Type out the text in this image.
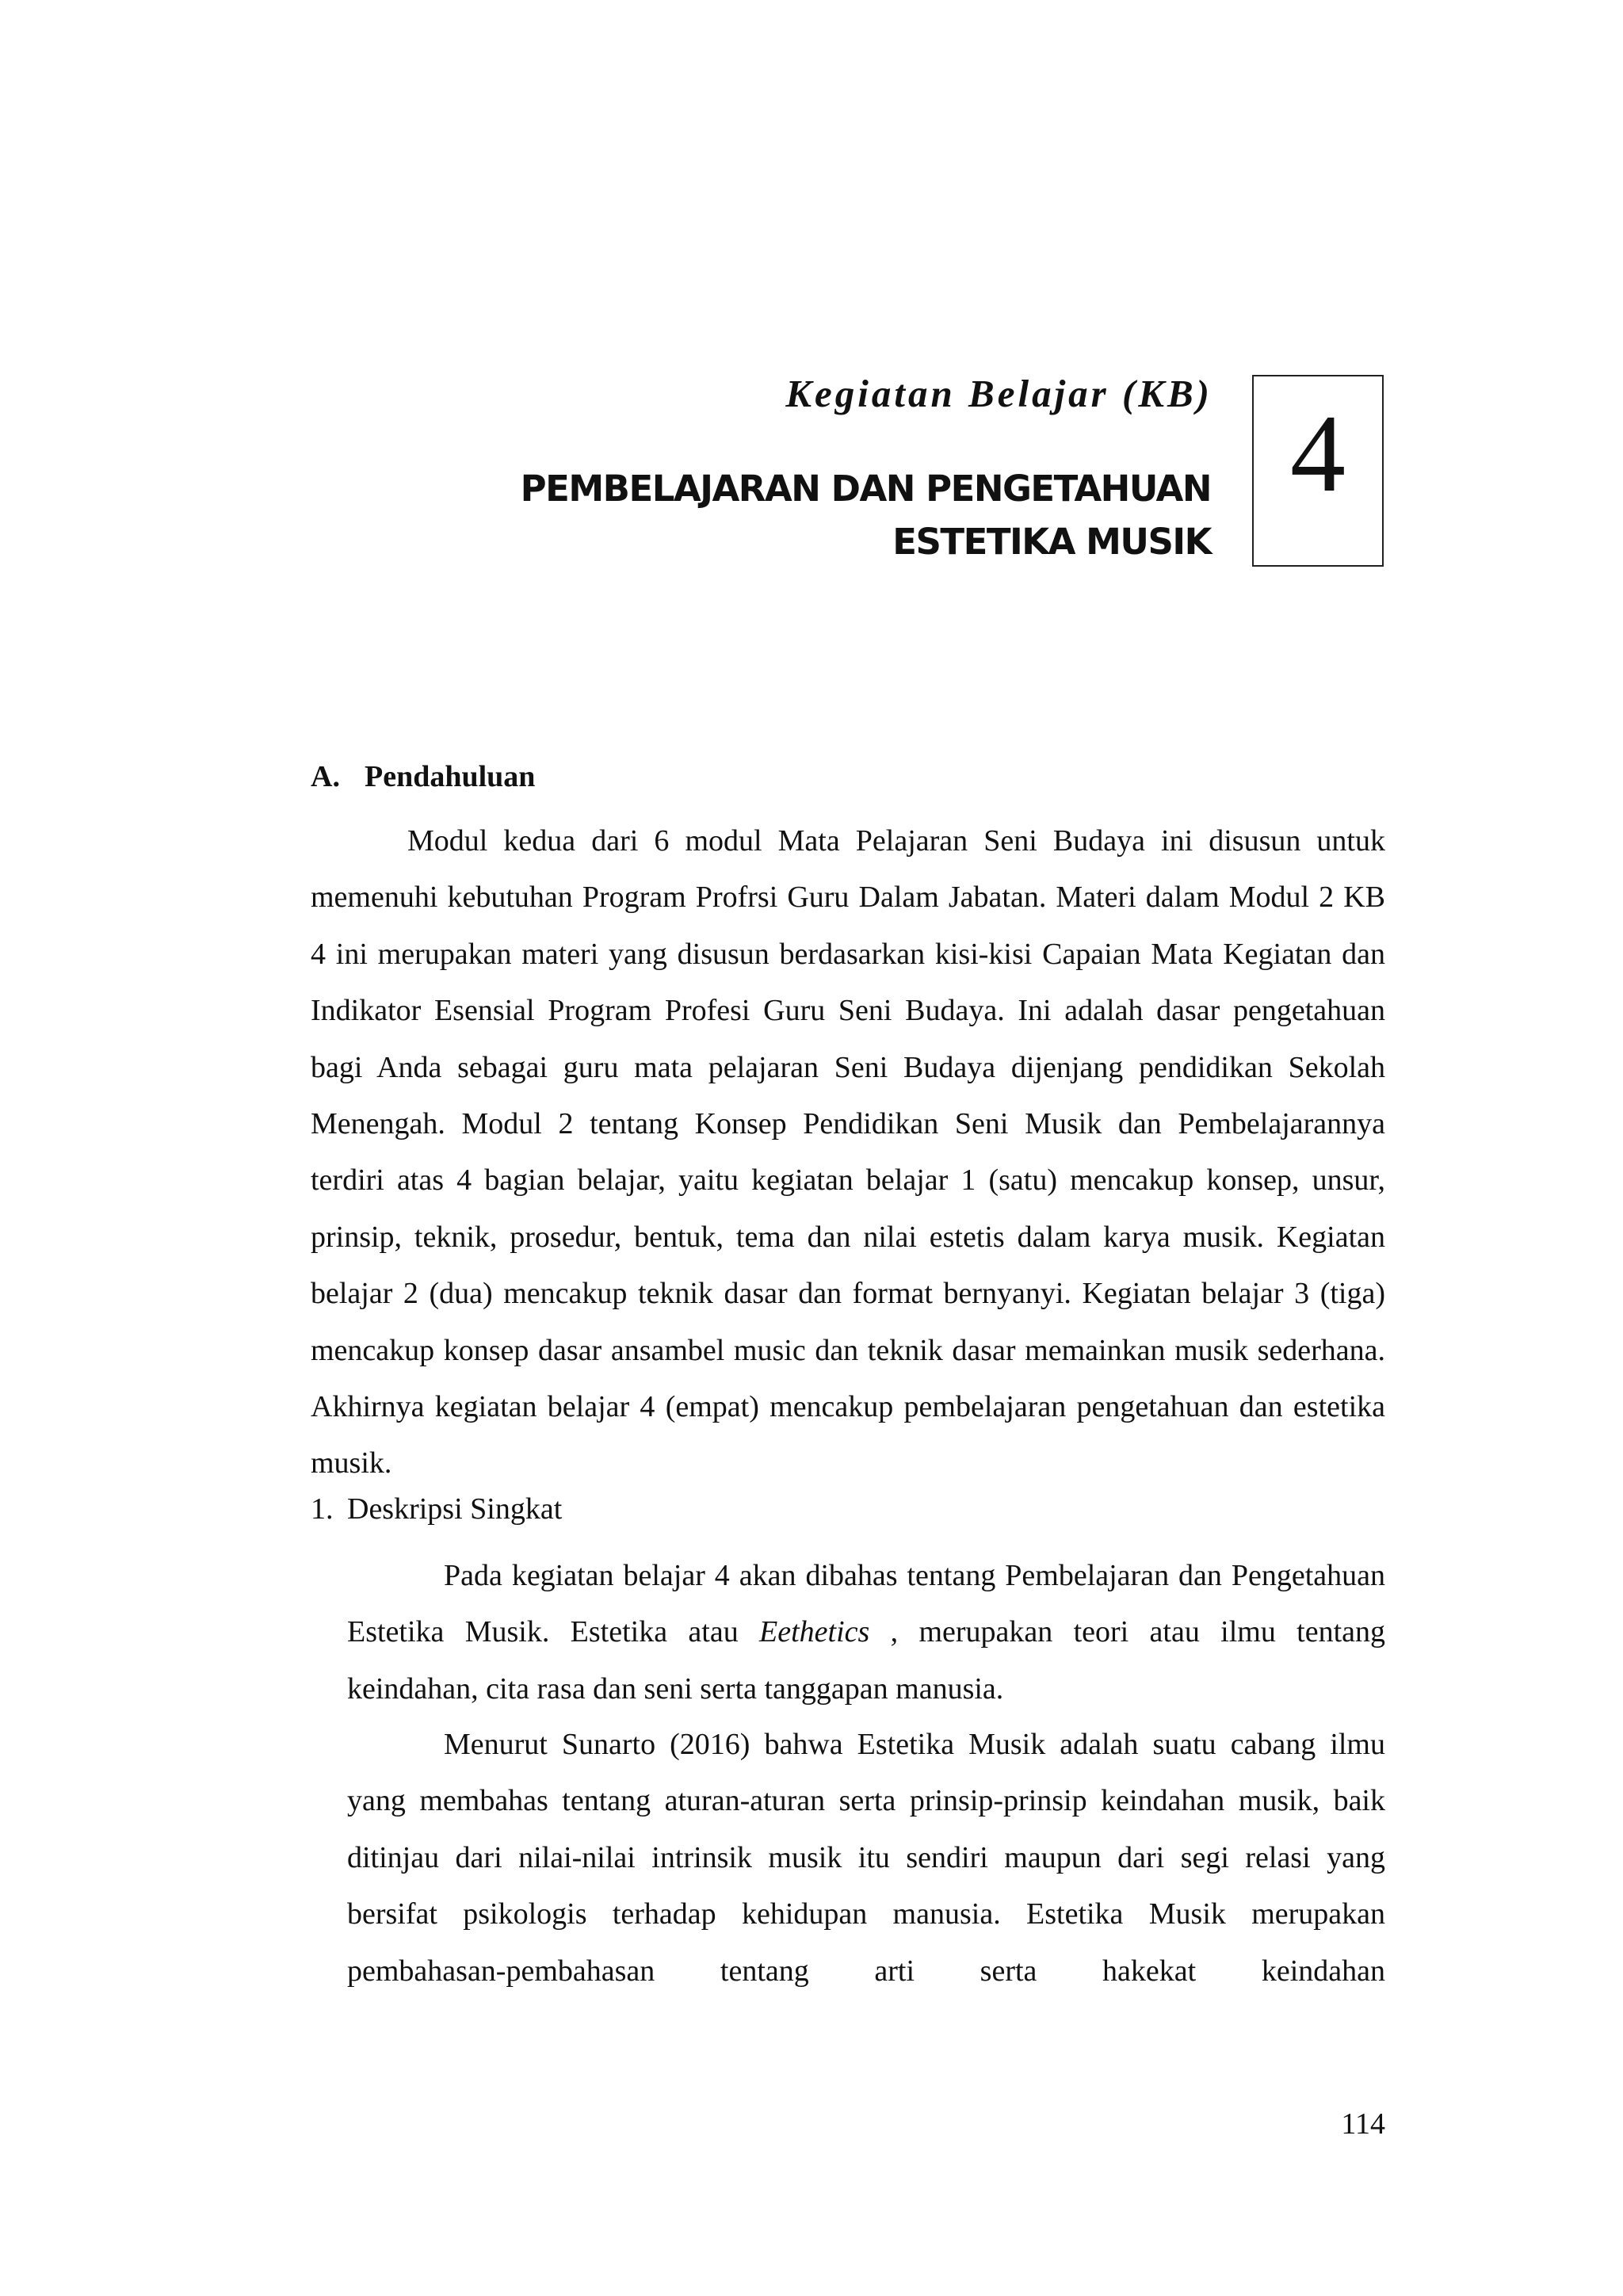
Kegiatan Belajar (KB)
PEMBELAJARAN DAN PENGETAHUAN
ESTETIKA MUSIK
4
A. Pendahuluan

Modul kedua dari 6 modul Mata Pelajaran Seni Budaya ini disusun untuk memenuhi kebutuhan Program Profrsi Guru Dalam Jabatan. Materi dalam Modul 2 KB 4 ini merupakan materi yang disusun berdasarkan kisi-kisi Capaian Mata Kegiatan dan Indikator Esensial Program Profesi Guru Seni Budaya. Ini adalah dasar pengetahuan bagi Anda sebagai guru mata pelajaran Seni Budaya dijenjang pendidikan Sekolah Menengah. Modul 2 tentang Konsep Pendidikan Seni Musik dan Pembelajarannya terdiri atas 4 bagian belajar, yaitu kegiatan belajar 1 (satu) mencakup konsep, unsur, prinsip, teknik, prosedur, bentuk, tema dan nilai estetis dalam karya musik. Kegiatan belajar 2 (dua) mencakup teknik dasar dan format bernyanyi. Kegiatan belajar 3 (tiga) mencakup konsep dasar ansambel music dan teknik dasar memainkan musik sederhana. Akhirnya kegiatan belajar 4 (empat) mencakup pembelajaran pengetahuan dan estetika musik.

1. Deskripsi Singkat

Pada kegiatan belajar 4 akan dibahas tentang Pembelajaran dan Pengetahuan Estetika Musik. Estetika atau Eethetics , merupakan teori atau ilmu tentang keindahan, cita rasa dan seni serta tanggapan manusia.

Menurut Sunarto (2016) bahwa Estetika Musik adalah suatu cabang ilmu yang membahas tentang aturan-aturan serta prinsip-prinsip keindahan musik, baik ditinjau dari nilai-nilai intrinsik musik itu sendiri maupun dari segi relasi yang bersifat psikologis terhadap kehidupan manusia. Estetika Musik merupakan pembahasan-pembahasan tentang arti serta hakekat keindahan

114
